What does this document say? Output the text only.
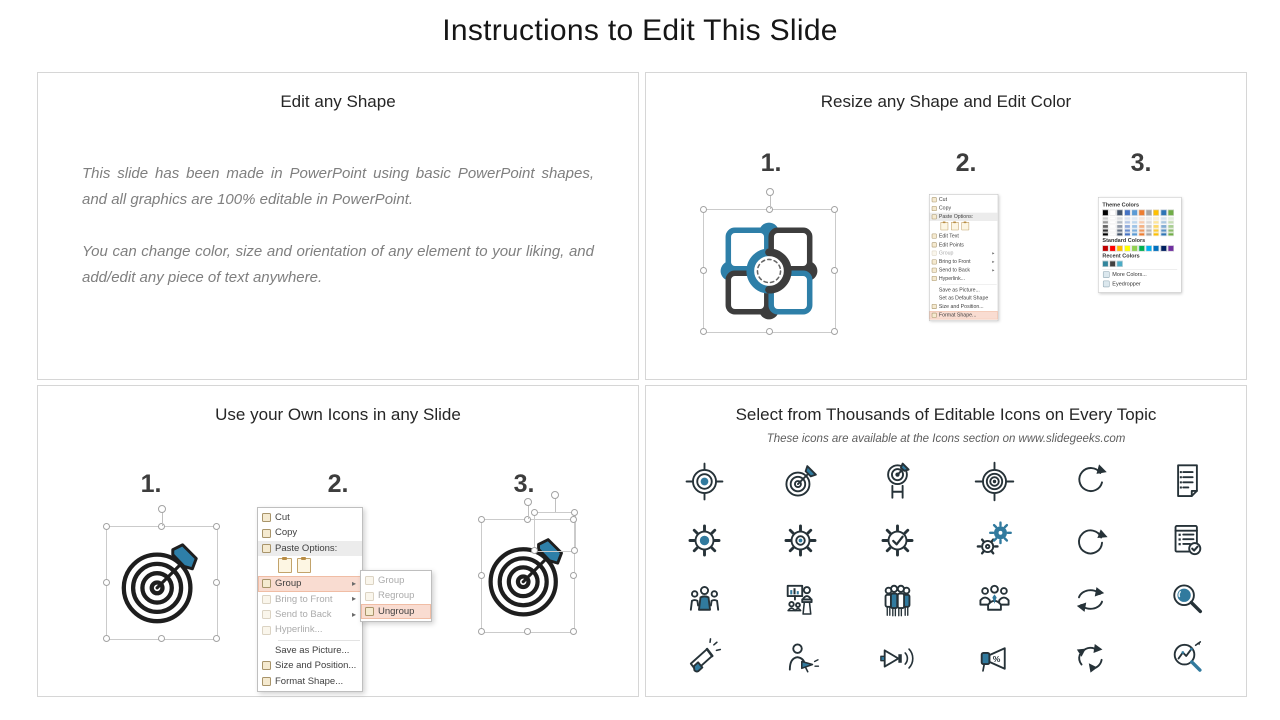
Instructions to Edit This Slide
Edit any Shape
This slide has been made in PowerPoint using basic PowerPoint shapes, and all graphics are 100% editable in PowerPoint.
You can change color, size and orientation of any element to your liking, and add/edit any piece of text anywhere.
Resize any Shape and Edit Color
1.	2.	3.
Cut
Copy
Paste Options:
Edit Text
Edit Points
Group	▸
Bring to Front	▸
Send to Back	▸
Hyperlink...
Save as Picture...
Set as Default Shape
Size and Position...
Format Shape...
Theme Colors
Standard Colors
Recent Colors
More Colors...
Eyedropper
Use your Own Icons in any Slide
1.	2.	3.
Cut
Copy
Paste Options:
Group	▸ Group
Regroup
Ungroup
Bring to Front ▸
Send to Back	▸
Hyperlink...
Save as Picture...
Size and Position...
Format Shape...
Select from Thousands of Editable Icons on Every Topic
These icons are available at the Icons section on www.slidegeeks.com
%
